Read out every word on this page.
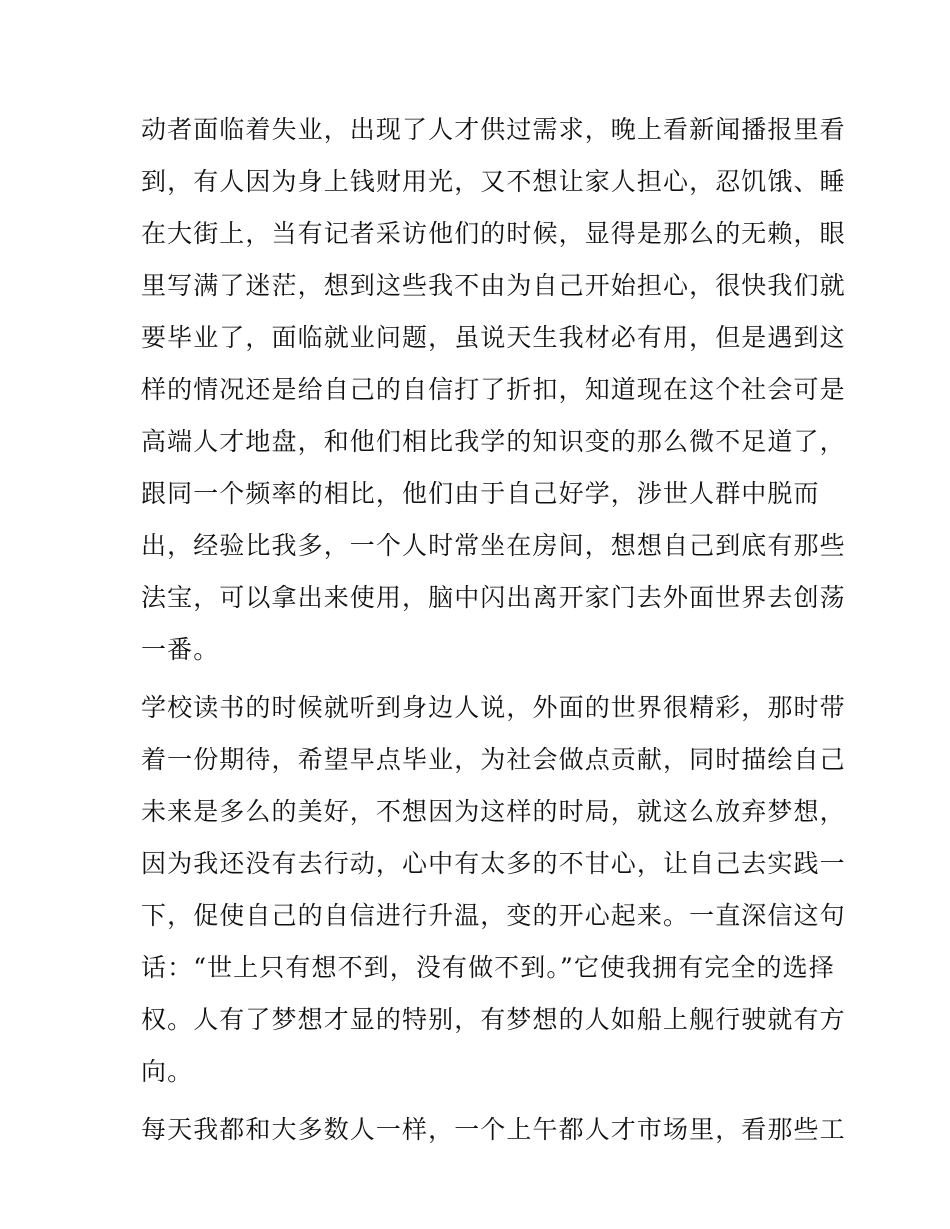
动者面临着失业，出现了人才供过需求，晚上看新闻播报里看
到，有人因为身上钱财用光，又不想让家人担心，忍饥饿、睡
在大街上，当有记者采访他们的时候，显得是那么的无赖，眼
里写满了迷茫，想到这些我不由为自己开始担心，很快我们就
要毕业了，面临就业问题，虽说天生我材必有用，但是遇到这
样的情况还是给自己的自信打了折扣，知道现在这个社会可是
高端人才地盘，和他们相比我学的知识变的那么微不足道了，
跟同一个频率的相比，他们由于自己好学，涉世人群中脱而
出，经验比我多，一个人时常坐在房间，想想自己到底有那些
法宝，可以拿出来使用，脑中闪出离开家门去外面世界去创荡
一番。
学校读书的时候就听到身边人说，外面的世界很精彩，那时带
着一份期待，希望早点毕业，为社会做点贡献，同时描绘自己
未来是多么的美好，不想因为这样的时局，就这么放弃梦想，
因为我还没有去行动，心中有太多的不甘心，让自己去实践一
下，促使自己的自信进行升温，变的开心起来。一直深信这句
话：“世上只有想不到，没有做不到。”它使我拥有完全的选择
权。人有了梦想才显的特别，有梦想的人如船上舰行驶就有方
向。
每天我都和大多数人一样，一个上午都人才市场里，看那些工
